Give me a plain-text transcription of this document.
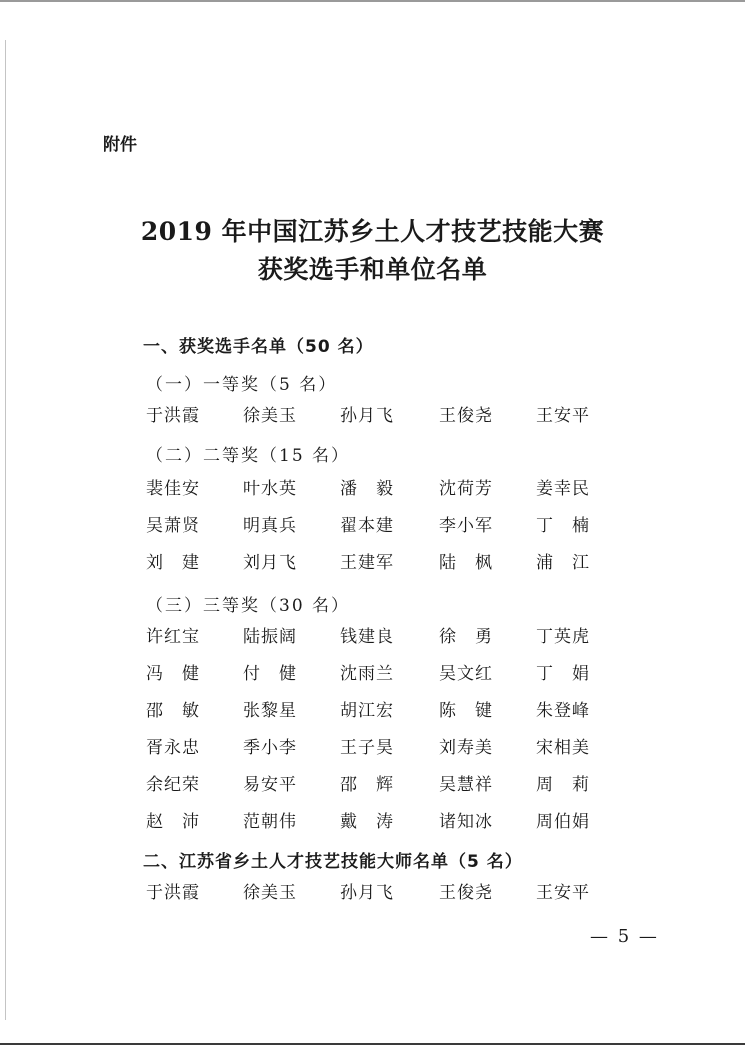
附件
2019 年中国江苏乡土人才技艺技能大赛
获奖选手和单位名单
一、获奖选手名单（50 名）
（一）一等奖（5 名）
于洪霞	徐美玉	孙月飞	王俊尧	王安平
（二）二等奖（15 名）
裴佳安	叶水英	潘　毅	沈荷芳	姜幸民
吴萧贤	明真兵	翟本建	李小军	丁　楠
刘　建	刘月飞	王建军	陆　枫	浦　江
（三）三等奖（30 名）
许红宝	陆振阔	钱建良	徐　勇	丁英虎
冯　健	付　健	沈雨兰	吴文红	丁　娟
邵　敏	张黎星	胡江宏	陈　键	朱登峰
胥永忠	季小李	王子昊	刘寿美	宋相美
余纪荣	易安平	邵　辉	吴慧祥	周　莉
赵　沛	范朝伟	戴　涛	诸知冰	周伯娟
二、江苏省乡土人才技艺技能大师名单（5 名）
于洪霞	徐美玉	孙月飞	王俊尧	王安平
— 5 —
